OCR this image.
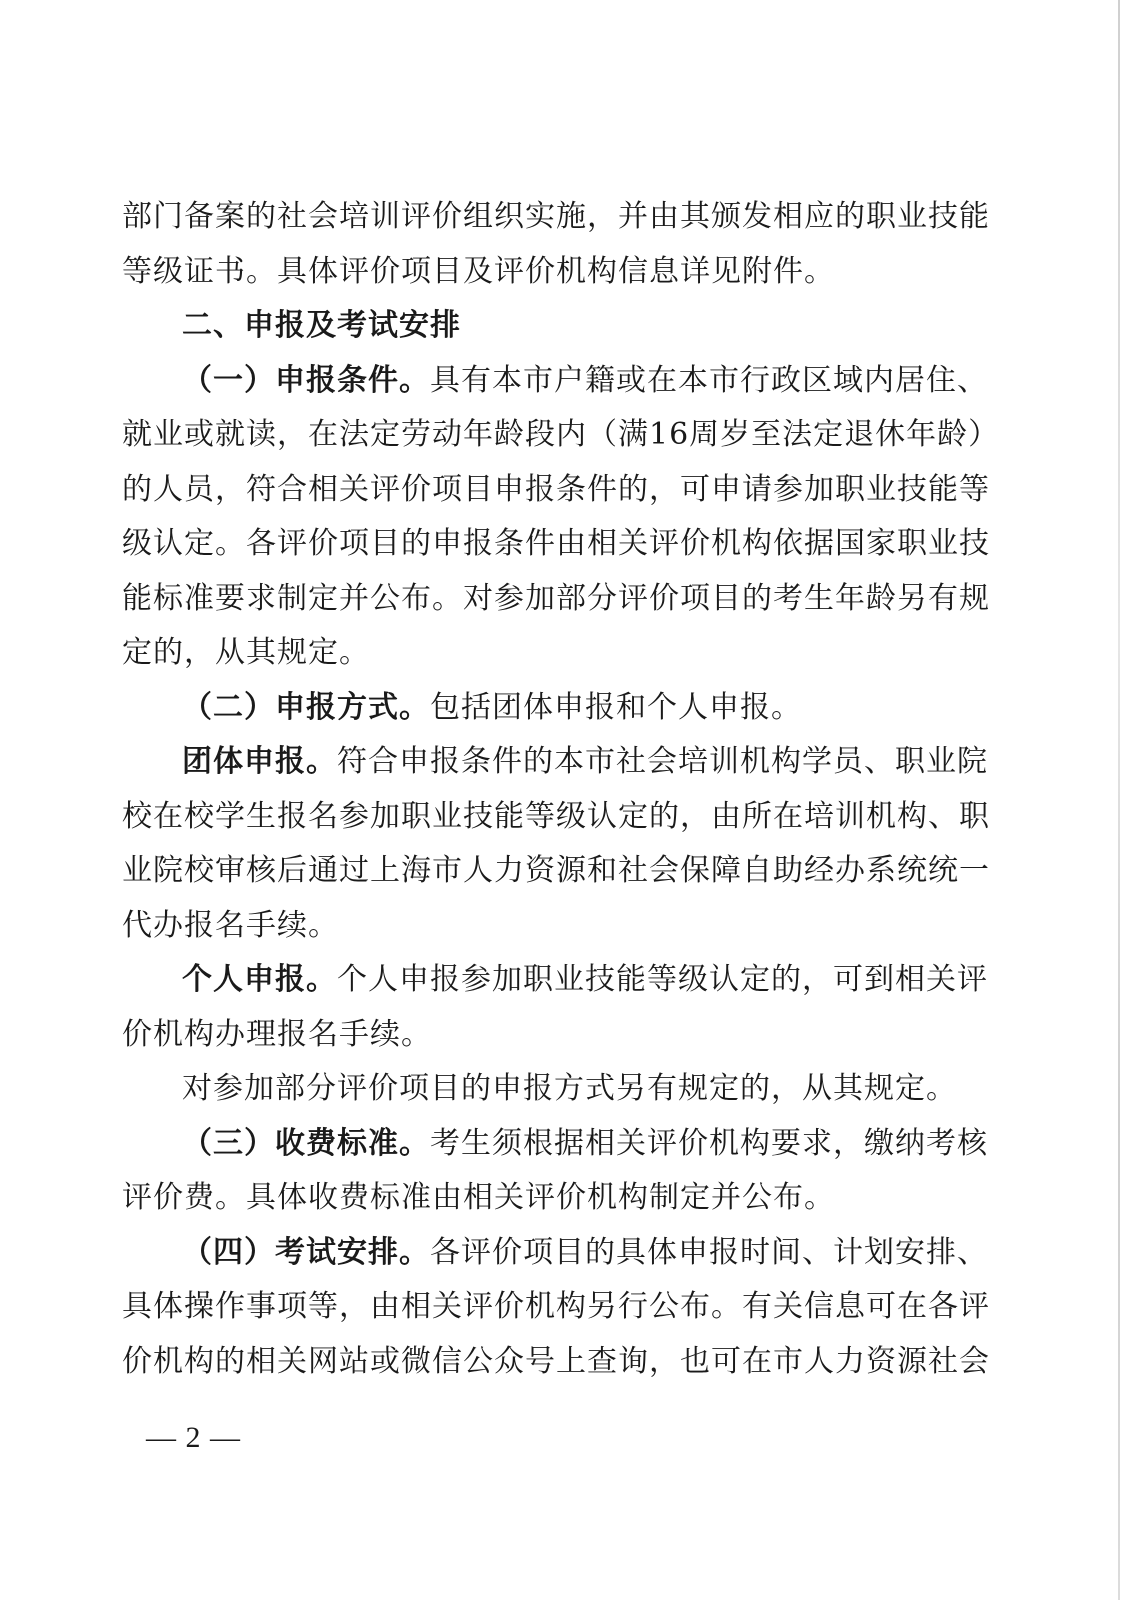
部门备案的社会培训评价组织实施，并由其颁发相应的职业技能
等级证书。具体评价项目及评价机构信息详见附件。
二、申报及考试安排
（一）申报条件。具有本市户籍或在本市行政区域内居住、
就业或就读，在法定劳动年龄段内（满16周岁至法定退休年龄）
的人员，符合相关评价项目申报条件的，可申请参加职业技能等
级认定。各评价项目的申报条件由相关评价机构依据国家职业技
能标准要求制定并公布。对参加部分评价项目的考生年龄另有规
定的，从其规定。
（二）申报方式。包括团体申报和个人申报。
团体申报。符合申报条件的本市社会培训机构学员、职业院
校在校学生报名参加职业技能等级认定的，由所在培训机构、职
业院校审核后通过上海市人力资源和社会保障自助经办系统统一
代办报名手续。
个人申报。个人申报参加职业技能等级认定的，可到相关评
价机构办理报名手续。
对参加部分评价项目的申报方式另有规定的，从其规定。
（三）收费标准。考生须根据相关评价机构要求，缴纳考核
评价费。具体收费标准由相关评价机构制定并公布。
（四）考试安排。各评价项目的具体申报时间、计划安排、
具体操作事项等，由相关评价机构另行公布。有关信息可在各评
价机构的相关网站或微信公众号上查询，也可在市人力资源社会
— 2 —
